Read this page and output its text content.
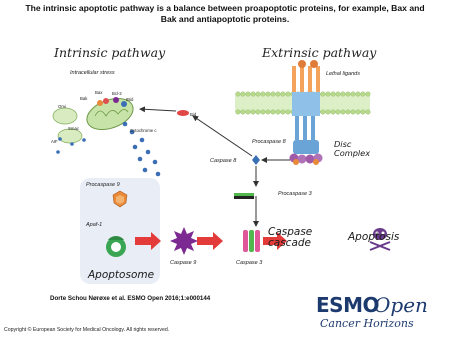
The intrinsic apoptotic pathway is a balance between proapoptotic proteins, for example, Bax and Bak and antiapoptotic proteins.
Intrinsic pathway	Extrinsic pathway
Intracellular stress
Bax
Bak
Bcl-2
tBid
Omi
Smac
AIF
Cytochrome c
Bid
Lethal ligands
Procaspase 8	Disc Complex
Caspase 8
Procaspase 3
Procaspase 9
Apaf-1
Apoptosome
Caspase 9	Caspase 3
Caspase cascade	Apoptosis
Dorte Schou Nørøxe et al. ESMO Open 2016;1:e000144	ESMO
Open
Cancer Horizons
Copyright © European Society for Medical Oncology. All rights reserved.
